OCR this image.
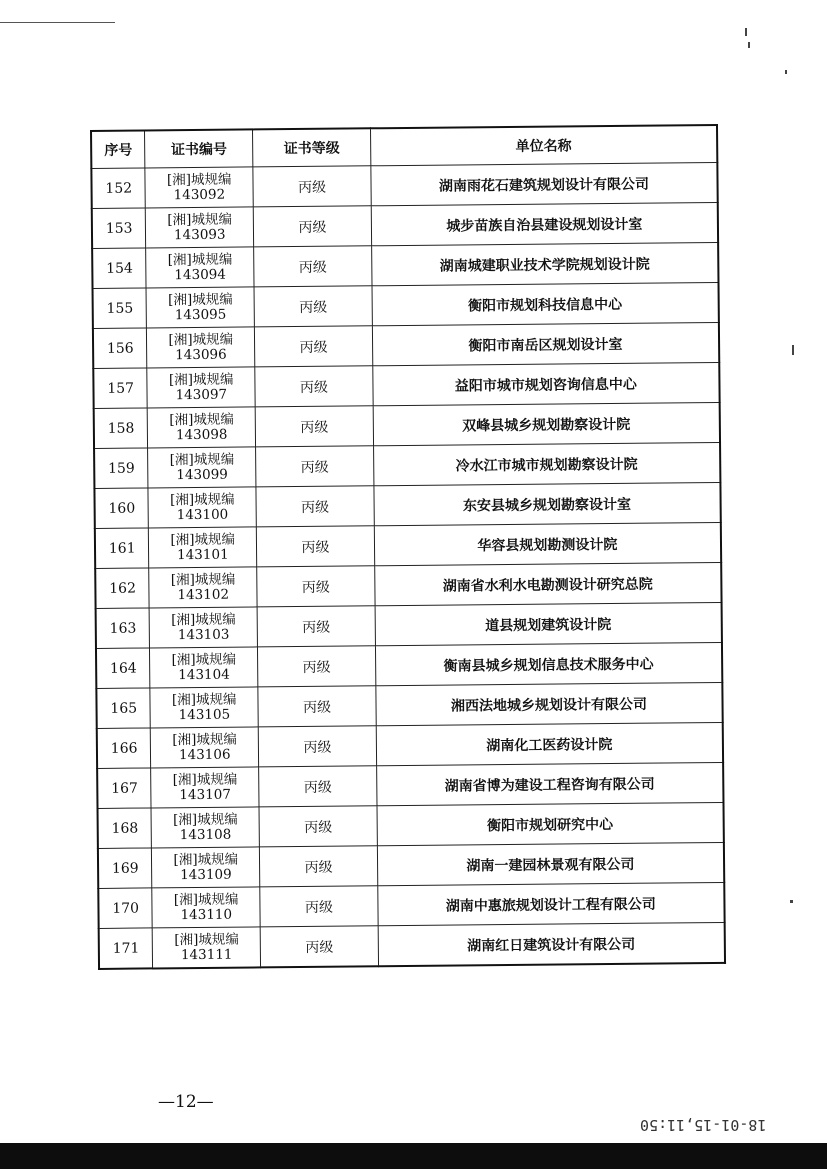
序号	证书编号	证书等级	单位名称
152	[湘]城规编
143092	丙级	湖南雨花石建筑规划设计有限公司
153	[湘]城规编
143093	丙级	城步苗族自治县建设规划设计室
154	[湘]城规编
143094	丙级	湖南城建职业技术学院规划设计院
155	[湘]城规编
143095	丙级	衡阳市规划科技信息中心
156	[湘]城规编
143096	丙级	衡阳市南岳区规划设计室
157	[湘]城规编
143097	丙级	益阳市城市规划咨询信息中心
158	[湘]城规编
143098	丙级	双峰县城乡规划勘察设计院
159	[湘]城规编
143099	丙级	冷水江市城市规划勘察设计院
160	[湘]城规编
143100	丙级	东安县城乡规划勘察设计室
161	[湘]城规编
143101	丙级	华容县规划勘测设计院
162	[湘]城规编
143102	丙级	湖南省水利水电勘测设计研究总院
163	[湘]城规编
143103	丙级	道县规划建筑设计院
164	[湘]城规编
143104	丙级	衡南县城乡规划信息技术服务中心
165	[湘]城规编
143105	丙级	湘西法地城乡规划设计有限公司
166	[湘]城规编
143106	丙级	湖南化工医药设计院
167	[湘]城规编
143107	丙级	湖南省博为建设工程咨询有限公司
168	[湘]城规编
143108	丙级	衡阳市规划研究中心
169	[湘]城规编
143109	丙级	湖南一建园林景观有限公司
170	[湘]城规编
143110	丙级	湖南中惠旅规划设计工程有限公司
171	[湘]城规编
143111	丙级	湖南红日建筑设计有限公司
—12—
18-01-15,11:50
